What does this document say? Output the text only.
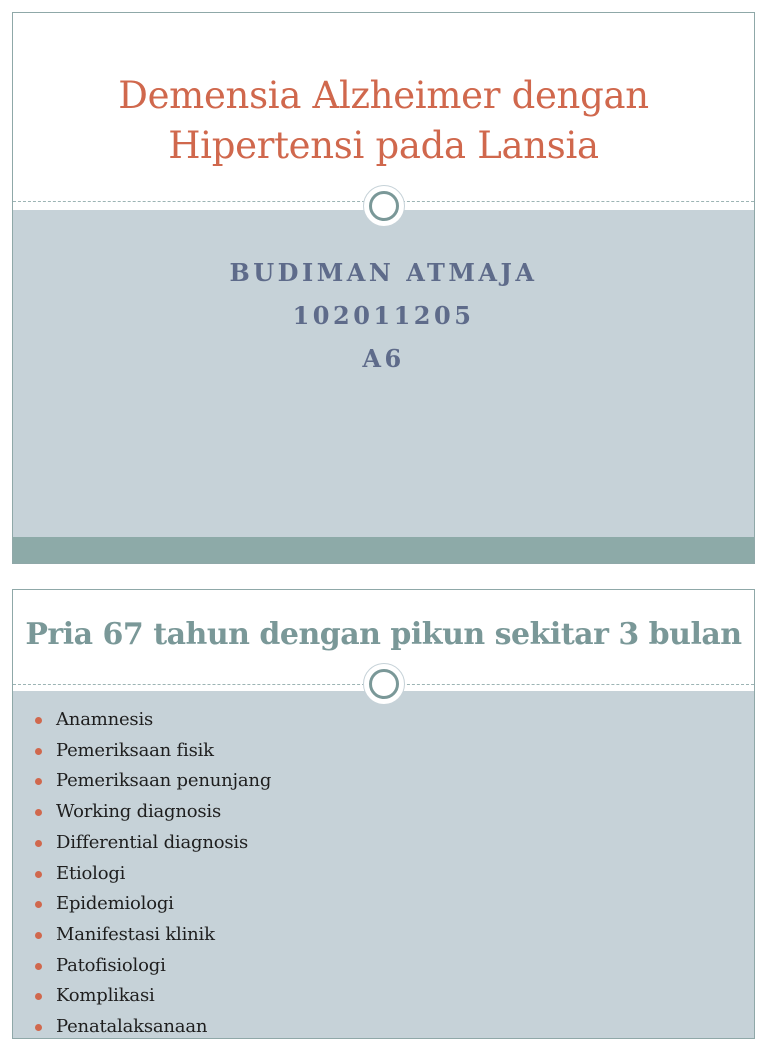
Demensia Alzheimer dengan
Hipertensi pada Lansia
BUDIMAN ATMAJA
102011205
A6
Pria 67 tahun dengan pikun sekitar 3 bulan
Anamnesis
Pemeriksaan fisik
Pemeriksaan penunjang
Working diagnosis
Differential diagnosis
Etiologi
Epidemiologi
Manifestasi klinik
Patofisiologi
Komplikasi
Penatalaksanaan
